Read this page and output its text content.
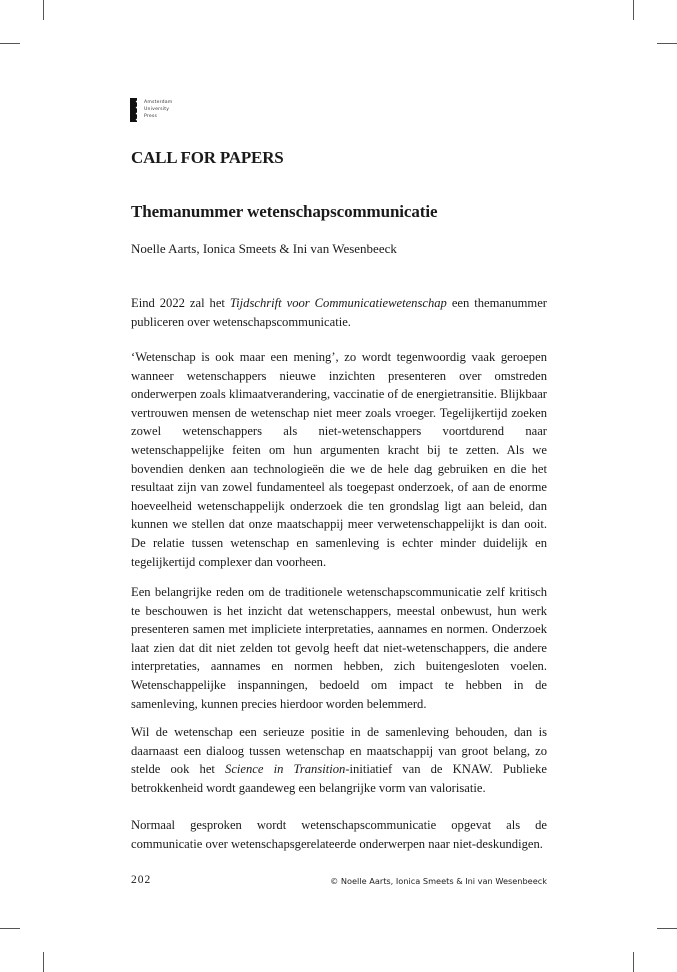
Amsterdam
University
Press
CALL FOR PAPERS
Themanummer wetenschapscommunicatie
Noelle Aarts, Ionica Smeets & Ini van Wesenbeeck

Eind 2022 zal het Tijdschrift voor Communicatiewetenschap een themanummer publiceren over wetenschapscommunicatie.

‘Wetenschap is ook maar een mening’, zo wordt tegenwoordig vaak geroepen wanneer wetenschappers nieuwe inzichten presenteren over omstreden onderwerpen zoals klimaatverandering, vaccinatie of de energietransitie. Blijkbaar vertrouwen mensen de wetenschap niet meer zoals vroeger. Tegelijkertijd zoeken zowel wetenschappers als niet-wetenschappers voortdurend naar wetenschappelijke feiten om hun argumenten kracht bij te zetten. Als we bovendien denken aan technologieën die we de hele dag gebruiken en die het resultaat zijn van zowel fundamenteel als toegepast onderzoek, of aan de enorme hoeveelheid wetenschappelijk onderzoek die ten grondslag ligt aan beleid, dan kunnen we stellen dat onze maatschappij meer verwetenschappelijkt is dan ooit. De relatie tussen wetenschap en samenleving is echter minder duidelijk en tegelijkertijd complexer dan voorheen.

Een belangrijke reden om de traditionele wetenschapscommunicatie zelf kritisch te beschouwen is het inzicht dat wetenschappers, meestal onbewust, hun werk presenteren samen met impliciete interpretaties, aannames en normen. Onderzoek laat zien dat dit niet zelden tot gevolg heeft dat niet-wetenschappers, die andere interpretaties, aannames en normen hebben, zich buitengesloten voelen. Wetenschappelijke inspanningen, bedoeld om impact te hebben in de samenleving, kunnen precies hierdoor worden belemmerd.

Wil de wetenschap een serieuze positie in de samenleving behouden, dan is daarnaast een dialoog tussen wetenschap en maatschappij van groot belang, zo stelde ook het Science in Transition-initiatief van de KNAW. Publieke betrokkenheid wordt gaandeweg een belangrijke vorm van valorisatie.

Normaal gesproken wordt wetenschapscommunicatie opgevat als de communicatie over wetenschapsgerelateerde onderwerpen naar niet-deskundigen.

202	© Noelle Aarts, Ionica Smeets & Ini van Wesenbeeck
